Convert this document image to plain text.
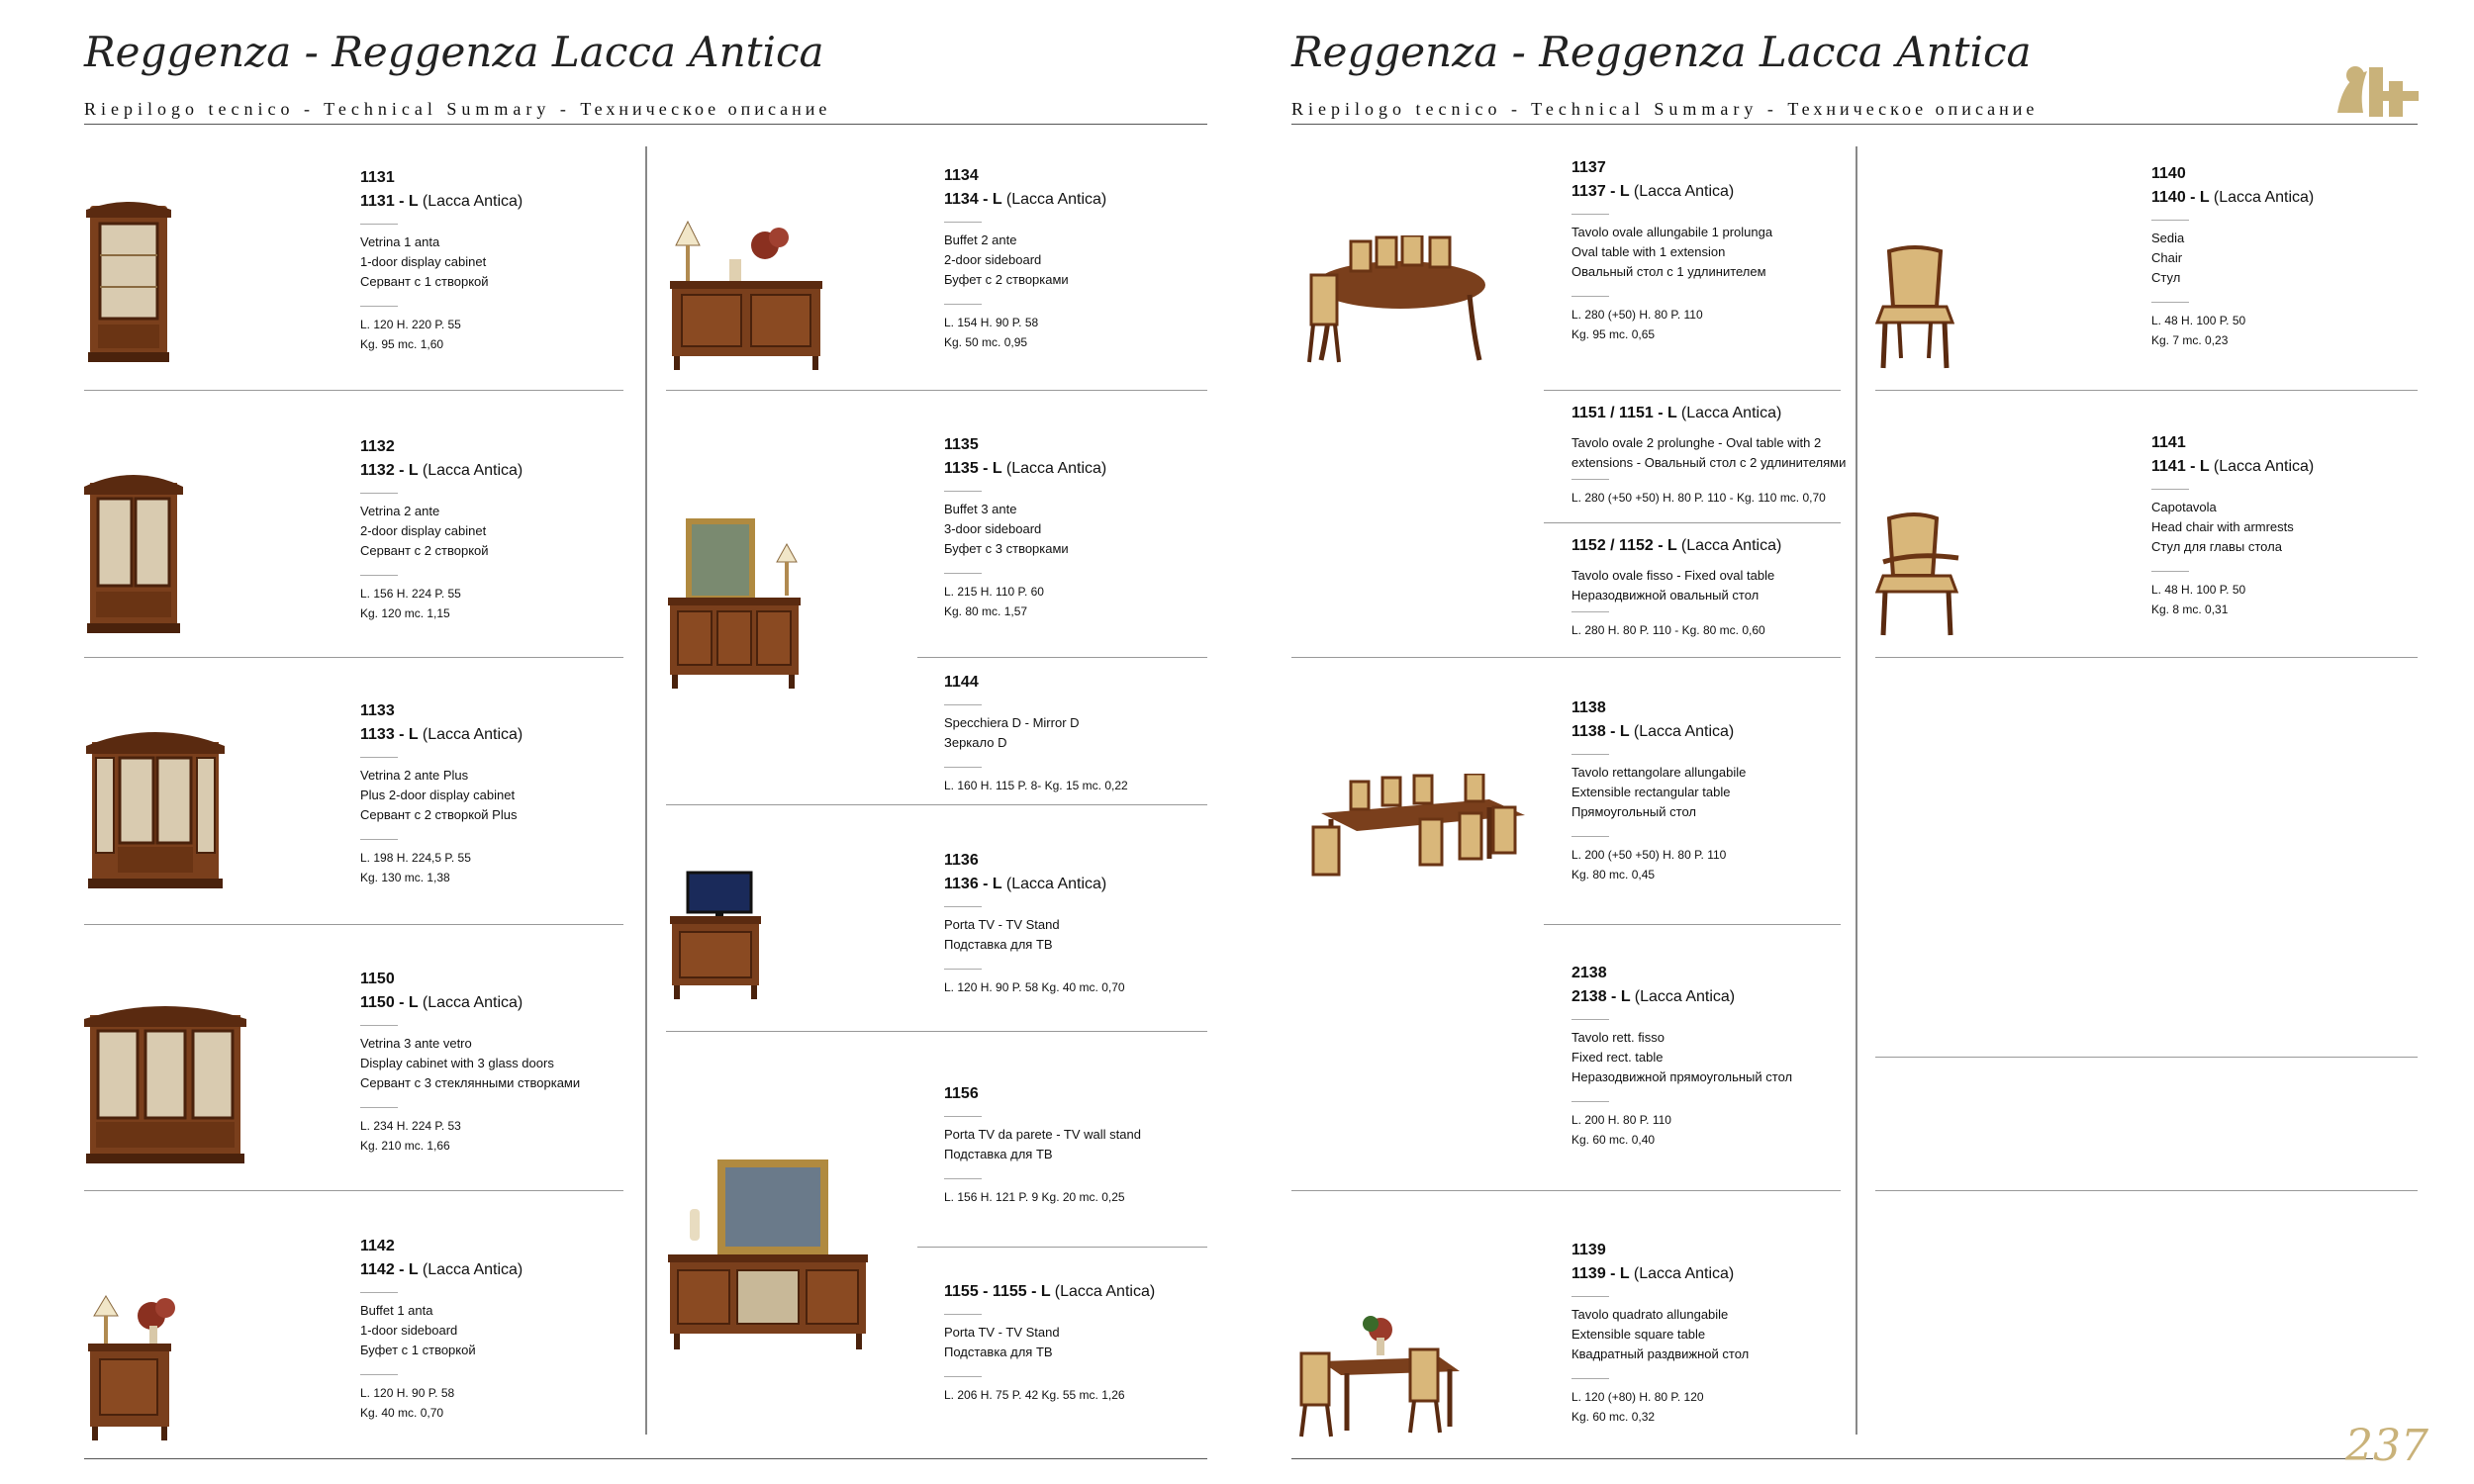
Reggenza - Reggenza Lacca Antica
Riepilogo tecnico - Technical Summary - Техническое описание
1131
1131 - L (Lacca Antica)
Vetrina 1 anta
1-door display cabinet
Сервант с 1 створкой
L. 120 H. 220 P. 55
Kg. 95 mc. 1,60
1132
1132 - L (Lacca Antica)
Vetrina 2 ante
2-door display cabinet
Сервант с 2 створкой
L. 156 H. 224 P. 55
Kg. 120 mc. 1,15
1133
1133 - L (Lacca Antica)
Vetrina 2 ante Plus
Plus 2-door display cabinet
Сервант с 2 створкой Plus
L. 198 H. 224,5 P. 55
Kg. 130 mc. 1,38
1150
1150 - L (Lacca Antica)
Vetrina 3 ante vetro
Display cabinet with 3 glass doors
Сервант с 3 стеклянными створками
L. 234 H. 224 P. 53
Kg. 210 mc. 1,66
1142
1142 - L (Lacca Antica)
Buffet 1 anta
1-door sideboard
Буфет с 1 створкой
L. 120 H. 90 P. 58
Kg. 40 mc. 0,70
1134
1134 - L (Lacca Antica)
Buffet 2 ante
2-door sideboard
Буфет с 2 створками
L. 154 H. 90 P. 58
Kg. 50 mc. 0,95
1135
1135 - L (Lacca Antica)
Buffet 3 ante
3-door sideboard
Буфет с 3 створками
L. 215 H. 110 P. 60
Kg. 80 mc. 1,57
1144
Specchiera D - Mirror D
Зеркало D
L. 160 H. 115 P. 8- Kg. 15 mc. 0,22
1136
1136 - L (Lacca Antica)
Porta TV - TV Stand
Подставка для ТВ
L. 120 H. 90 P. 58 Kg. 40 mc. 0,70
1156
Porta TV da parete - TV wall stand
Подставка для ТВ
L. 156 H. 121 P. 9 Kg. 20 mc. 0,25
1155 - 1155 - L (Lacca Antica)
Porta TV - TV Stand
Подставка для ТВ
L. 206 H. 75 P. 42 Kg. 55 mc. 1,26
Reggenza - Reggenza Lacca Antica
Riepilogo tecnico - Technical Summary - Техническое описание
237
1137
1137 - L (Lacca Antica)
Tavolo ovale allungabile 1 prolunga
Oval table with 1 extension
Овальный стол с 1 удлинителем
L. 280 (+50) H. 80 P. 110
Kg. 95 mc. 0,65
1151 / 1151 - L (Lacca Antica)
Tavolo ovale 2 prolunghe - Oval table with 2
extensions - Овальный стол с 2 удлинителями
L. 280 (+50 +50) H. 80 P. 110 - Kg. 110 mc. 0,70
1152 / 1152 - L (Lacca Antica)
Tavolo ovale fisso - Fixed oval table
Неразодвижной овальный стол
L. 280 H. 80 P. 110 - Kg. 80 mc. 0,60
1138
1138 - L (Lacca Antica)
Tavolo rettangolare allungabile
Extensible rectangular table
Прямоугольный стол
L. 200 (+50 +50) H. 80 P. 110
Kg. 80 mc. 0,45
2138
2138 - L (Lacca Antica)
Tavolo rett. fisso
Fixed rect. table
Неразодвижной прямоугольный стол
L. 200 H. 80 P. 110
Kg. 60 mc. 0,40
1139
1139 - L (Lacca Antica)
Tavolo quadrato allungabile
Extensible square table
Квадратный раздвижной стол
L. 120 (+80) H. 80 P. 120
Kg. 60 mc. 0,32
1140
1140 - L (Lacca Antica)
Sedia
Chair
Стул
L. 48 H. 100 P. 50
Kg. 7 mc. 0,23
1141
1141 - L (Lacca Antica)
Capotavola
Head chair with armrests
Стул для главы стола
L. 48 H. 100 P. 50
Kg. 8 mc. 0,31
